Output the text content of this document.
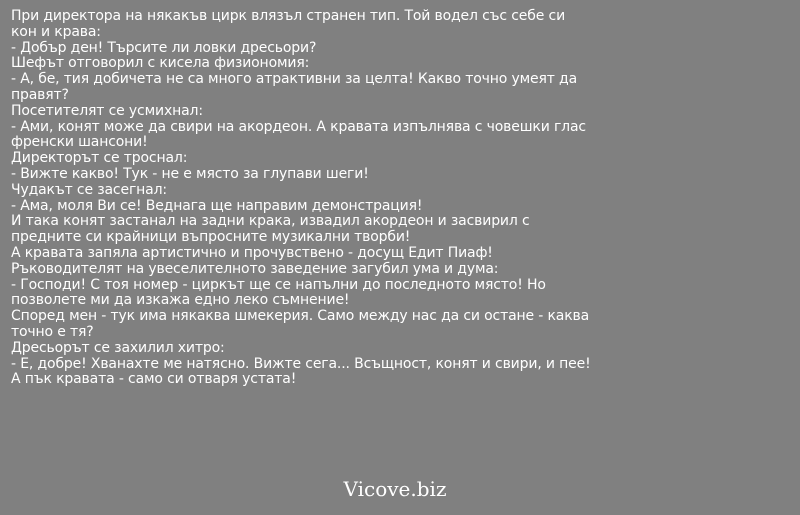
При директора на някакъв цирк влязъл странен тип. Той водел със себе си кон и крава:

- Добър ден! Търсите ли ловки дресьори?

Шефът отговорил с кисела физиономия:

- А, бе, тия добичета не са много атрактивни за целта! Какво точно умеят да правят?

Посетителят се усмихнал:

- Ами, конят може да свири на акордеон. А кравата изпълнява с човешки глас френски шансони!

Директорът се троснал:

- Вижте какво! Тук - не е място за глупави шеги!

Чудакът се засегнал:

- Ама, моля Ви се! Веднага ще направим демонстрация!

И така конят застанал на задни крака, извадил акордеон и засвирил с предните си крайници въпросните музикални творби!

А кравата запяла артистично и прочувствено - досущ Едит Пиаф!

Ръководителят на увеселителното заведение загубил ума и дума:

- Господи! С тоя номер - циркът ще се напълни до последното място! Но позволете ми да изкажа едно леко съмнение!

Според мен - тук има някаква шмекерия. Само между нас да си остане - каква точно е тя?

Дресьорът се захилил хитро:

- Е, добре! Хванахте ме натясно. Вижте сега... Всъщност, конят и свири, и пее!

А пък кравата - само си отваря устата!

Vicove.biz
